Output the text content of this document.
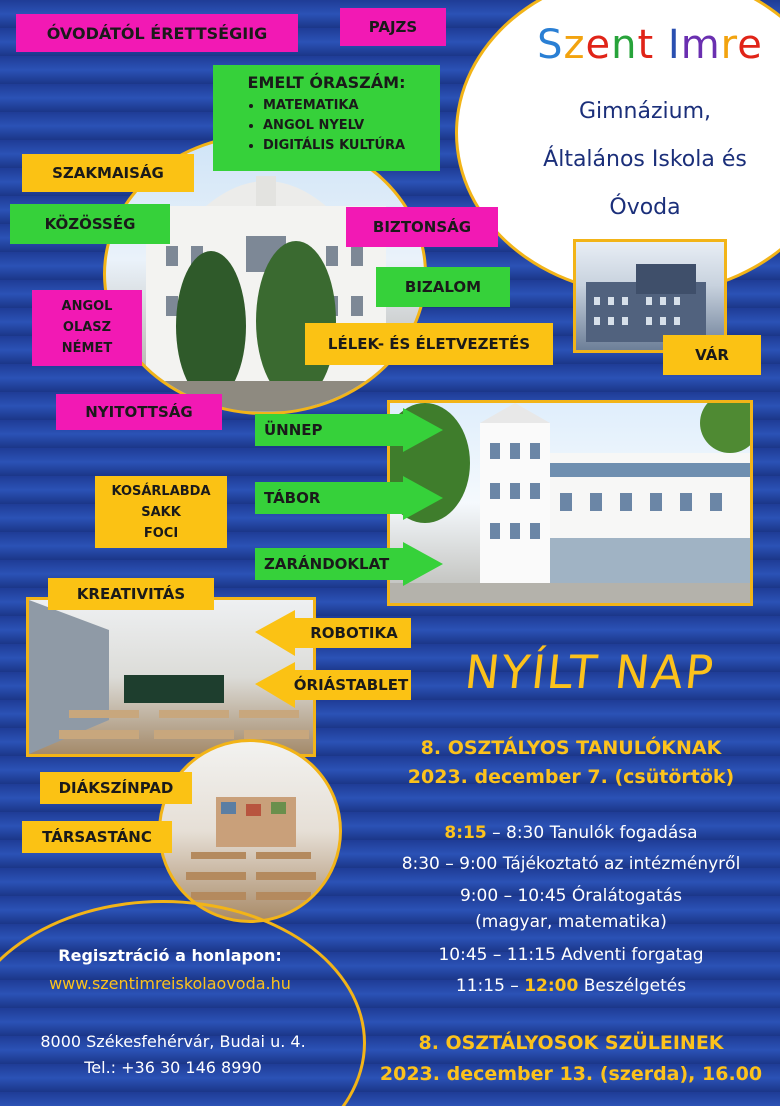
Szent Imre
Gimnázium,
Általános Iskola és
Óvoda
ÓVODÁTÓL ÉRETTSÉGIIG	PAJZS
EMELT ÓRASZÁM:
• MATEMATIKA
• ANGOL NYELV
• DIGITÁLIS KULTÚRA
SZAKMAISÁG
KÖZÖSSÉG	BIZTONSÁG
BIZALOM
ANGOL
OLASZ
NÉMET	LÉLEK- ÉS ÉLETVEZETÉS
VÁR
NYITOTTSÁG
ÜNNEP
TÁBOR
ZARÁNDOKLAT
KOSÁRLABDA
SAKK
FOCI
KREATIVITÁS
ROBOTIKA
ÓRIÁSTABLET
DIÁKSZÍNPAD
TÁRSASTÁNC
NYÍLT NAP
8. OSZTÁLYOS TANULÓKNAK
2023. december 7. (csütörtök)
8:15 – 8:30 Tanulók fogadása
8:30 – 9:00 Tájékoztató az intézményről
9:00 – 10:45 Óralátogatás
(magyar, matematika)
10:45 – 11:15 Adventi forgatag
11:15 – 12:00 Beszélgetés
8. OSZTÁLYOSOK SZÜLEINEK
2023. december 13. (szerda), 16.00
Regisztráció a honlapon:
www.szentimreiskolaovoda.hu
8000 Székesfehérvár, Budai u. 4.
Tel.: +36 30 146 8990
